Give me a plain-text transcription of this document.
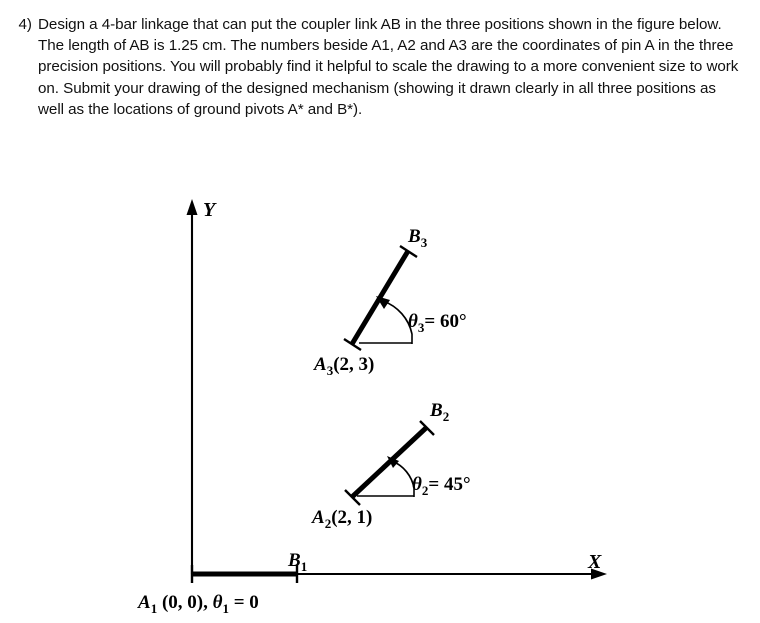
4) Design a 4-bar linkage that can put the coupler link AB in the three positions shown in the figure below. The length of AB is 1.25 cm. The numbers beside A1, A2 and A3 are the coordinates of pin A in the three precision positions. You will probably find it helpful to scale the drawing to a more convenient size to work on. Submit your drawing of the designed mechanism (showing it drawn clearly in all three positions as well as the locations of ground pivots A* and B*).
Y
X
$B_1$
$A_1$ (0, 0), $\theta_1 = 0$
$B_2$
$\theta_2= 45^\circ$
$A_2(2$, 1)
$B_3$
$\theta_3= 60^\circ$
$A_3(2$, 3)
